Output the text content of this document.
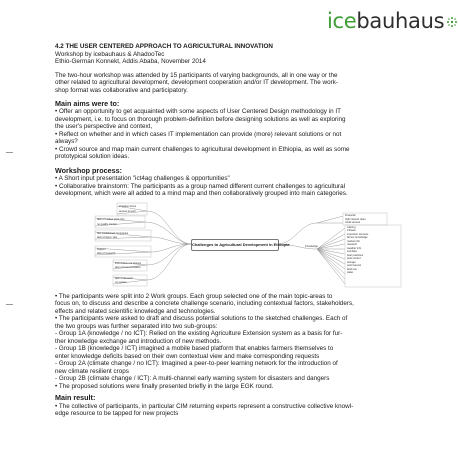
icebauhaus

4.2 THE USER CENTERED APPROACH TO AGRICULTURAL INNOVATION

Workshop by icebauhaus & AhadooTec

Ethio-German Konnekt, Addis Ababa, November 2014

The two-hour workshop was attended by 15 participants of varying backgrounds, all in one way or the

other related to agricultural development, development cooperation and/or IT development. The work-

shop format was collaborative and participatory.

Main aims were to:

• Offer an opportunity to get acquainted with some aspects of User Centered Design methodology in IT

development, i.e. to focus on thorough problem-definition before designing solutions as well as exploring

the user's perspective and context,

• Reflect on whether and in which cases IT implementation can provide (more) relevant solutions or not

always?

• Crowd source and map main current challenges to agricultural development in Ethiopia, as well as some

prototypical solution ideas.

Workshop process:

• A Short input presentation "ict4ag challenges & opportunities"

• Collaborative brainstorm: The participants as a group named different current challenges to agricultural

development, which were all added to a mind map and then collaboratively grouped into main categories.

Challenges to Agricultural Development in Ethiopia
irrigation farms
access to tech
lack of market price info
no quality control
few established companies
lack of input / dev
support
lack of research
information not shared
lack of communication
lack of demand
no system
Financial
high interest rates
credit access
Knowledge
training
Climate
extension services
farmer knowledge
market info
research
weather info
soil data
best practices
pest control
storage
post harvest
land use
water

• The participants were split into 2 Work groups. Each group selected one of the main topic-areas to

focus on, to discuss and describe a concrete challenge scenario, including contextual factors, stakeholders,

effects and related scientific knowledge and technologies.

• The participants were asked to draft and discuss potential solutions to the sketched challenges. Each of

the two groups was further separated into two sub-groups:

- Group 1A (knowledge / no ICT): Relied on the existing Agriculture Extension system as a basis for fur-

ther knowledge exchange and introduction of new methods.

- Group 1B (knowledge / ICT) imagined a mobile based platform that enables farmers themselves to

enter knowledge deficits based on their own contextual view and make corresponding requests

- Group 2A (climate change / no ICT): Imagined a peer-to-peer learning network for the introduction of

new climate resilient crops

- Group 2B (climate change / ICT): A multi-channel early warning system for disasters and dangers

• The proposed solutions were finally presented briefly in the large EGK round.

Main result:

• The collective of participants, in particular CIM returning experts represent a constructive collective knowl-

edge resource to be tapped for new projects
